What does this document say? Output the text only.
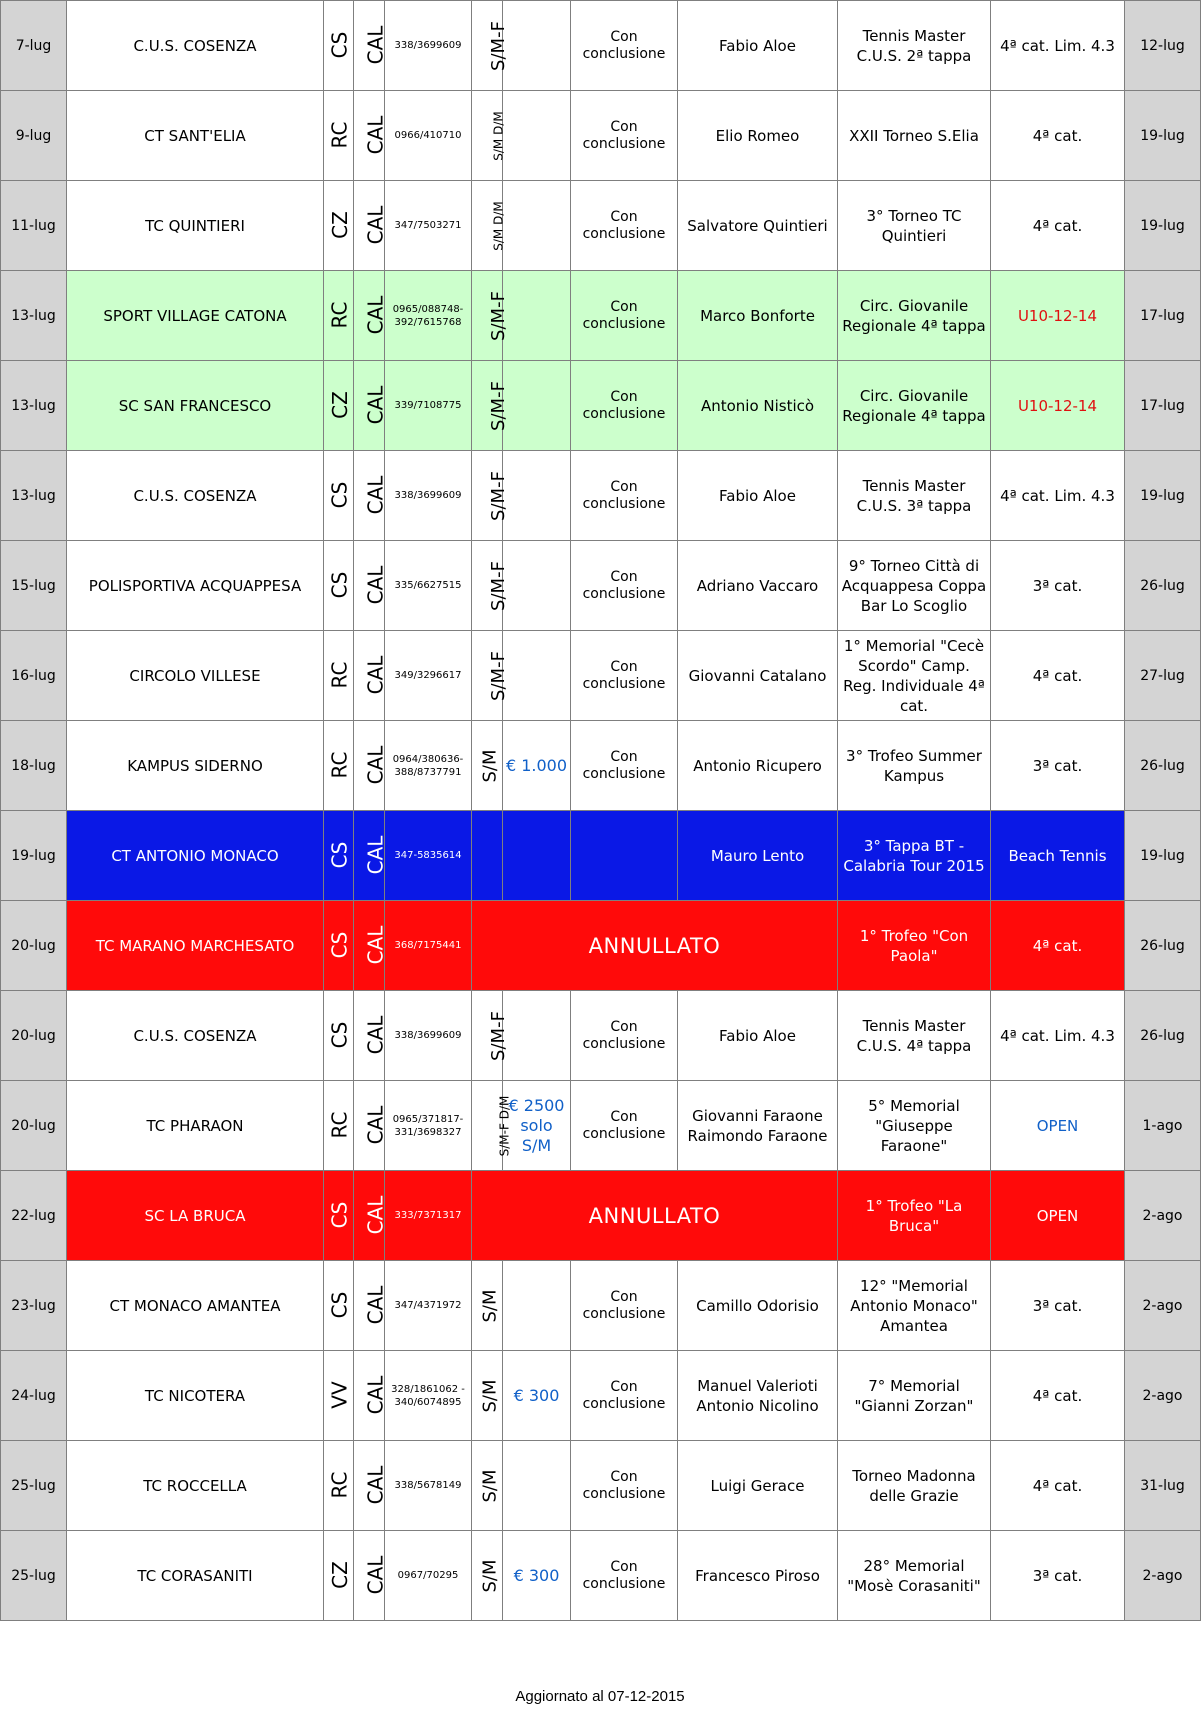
7-lug	C.U.S. COSENZA	CS	CAL	338/3699609	S/M-F		Con conclusione	Fabio Aloe	Tennis Master C.U.S. 2ª tappa	4ª cat. Lim. 4.3	12-lug
9-lug	CT SANT'ELIA	RC	CAL	0966/410710	S/M D/M		Con conclusione	Elio Romeo	XXII Torneo S.Elia	4ª cat.	19-lug
11-lug	TC QUINTIERI	CZ	CAL	347/7503271	S/M D/M		Con conclusione	Salvatore Quintieri	3° Torneo TC Quintieri	4ª cat.	19-lug
13-lug	SPORT VILLAGE CATONA	RC	CAL	0965/088748-392/7615768	S/M-F		Con conclusione	Marco Bonforte	Circ. Giovanile Regionale 4ª tappa	U10-12-14	17-lug
13-lug	SC SAN FRANCESCO	CZ	CAL	339/7108775	S/M-F		Con conclusione	Antonio Nisticò	Circ. Giovanile Regionale 4ª tappa	U10-12-14	17-lug
13-lug	C.U.S. COSENZA	CS	CAL	338/3699609	S/M-F		Con conclusione	Fabio Aloe	Tennis Master C.U.S. 3ª tappa	4ª cat. Lim. 4.3	19-lug
15-lug	POLISPORTIVA ACQUAPPESA	CS	CAL	335/6627515	S/M-F		Con conclusione	Adriano Vaccaro	9° Torneo Città di Acquappesa Coppa Bar Lo Scoglio	3ª cat.	26-lug
16-lug	CIRCOLO VILLESE	RC	CAL	349/3296617	S/M-F		Con conclusione	Giovanni Catalano	1° Memorial "Cecè Scordo" Camp. Reg. Individuale 4ª cat.	4ª cat.	27-lug
18-lug	KAMPUS SIDERNO	RC	CAL	0964/380636-388/8737791	S/M	€ 1.000	Con conclusione	Antonio Ricupero	3° Trofeo Summer Kampus	3ª cat.	26-lug
19-lug	CT ANTONIO MONACO	CS	CAL	347-5835614				Mauro Lento	3° Tappa BT - Calabria Tour 2015	Beach Tennis	19-lug
20-lug	TC MARANO MARCHESATO	CS	CAL	368/7175441	ANNULLATO				1° Trofeo "Con Paola"	4ª cat.	26-lug
20-lug	C.U.S. COSENZA	CS	CAL	338/3699609	S/M-F		Con conclusione	Fabio Aloe	Tennis Master C.U.S. 4ª tappa	4ª cat. Lim. 4.3	26-lug
20-lug	TC PHARAON	RC	CAL	0965/371817-331/3698327	S/M-F D/M	€ 2500 solo S/M	Con conclusione	Giovanni Faraone Raimondo Faraone	5° Memorial "Giuseppe Faraone"	OPEN	1-ago
22-lug	SC LA BRUCA	CS	CAL	333/7371317	ANNULLATO				1° Trofeo "La Bruca"	OPEN	2-ago
23-lug	CT MONACO AMANTEA	CS	CAL	347/4371972	S/M		Con conclusione	Camillo Odorisio	12° "Memorial Antonio Monaco" Amantea	3ª cat.	2-ago
24-lug	TC NICOTERA	VV	CAL	328/1861062 - 340/6074895	S/M	€ 300	Con conclusione	Manuel Valerioti Antonio Nicolino	7° Memorial "Gianni Zorzan"	4ª cat.	2-ago
25-lug	TC ROCCELLA	RC	CAL	338/5678149	S/M		Con conclusione	Luigi Gerace	Torneo Madonna delle Grazie	4ª cat.	31-lug
25-lug	TC CORASANITI	CZ	CAL	0967/70295	S/M	€ 300	Con conclusione	Francesco Piroso	28° Memorial "Mosè Corasaniti"	3ª cat.	2-ago
Aggiornato al 07-12-2015
